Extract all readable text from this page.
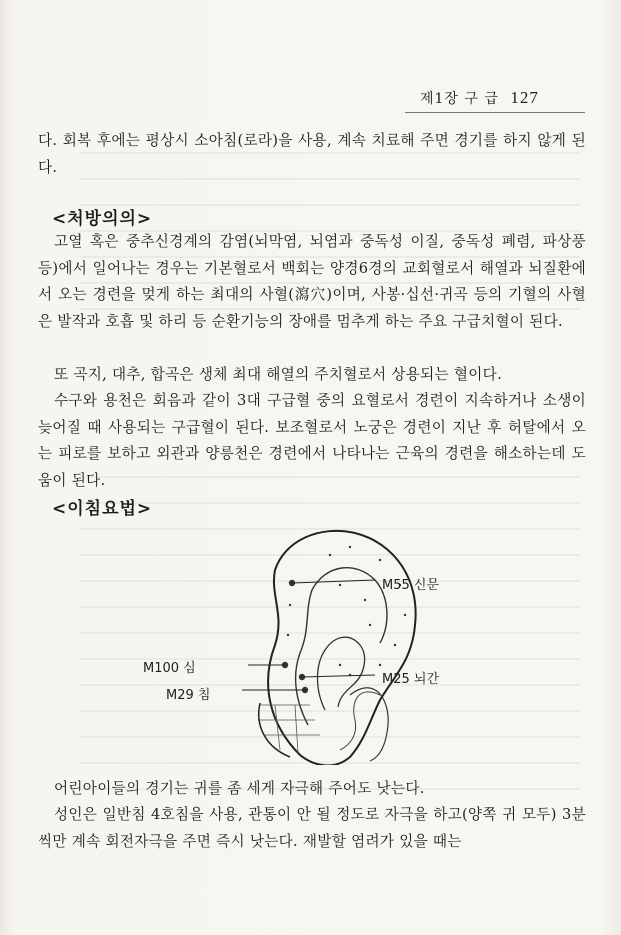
제1장 구 급 127
다. 회복 후에는 평상시 소아침(로라)을 사용, 계속 치료해 주면 경기를 하지 않게 된다.
<처방의의>
고열 혹은 중추신경계의 감염(뇌막염, 뇌염과 중독성 이질, 중독성 폐렴, 파상풍 등)에서 일어나는 경우는 기본혈로서 백회는 양경6경의 교회혈로서 해열과 뇌질환에서 오는 경련을 멎게 하는 최대의 사혈(瀉穴)이며, 사봉·십선·귀곡 등의 기혈의 사혈은 발작과 호흡 및 하리 등 순환기능의 장애를 멈추게 하는 주요 구급치혈이 된다.
또 곡지, 대추, 합곡은 생체 최대 해열의 주치혈로서 상용되는 혈이다.
수구와 용천은 회음과 같이 3대 구급혈 중의 요혈로서 경련이 지속하거나 소생이 늦어질 때 사용되는 구급혈이 된다. 보조혈로서 노궁은 경련이 지난 후 허탈에서 오는 피로를 보하고 외관과 양릉천은 경련에서 나타나는 근육의 경련을 해소하는데 도움이 된다.
<이침요법>
M55 신문
M100 심
M25 뇌간
M29 침
어린아이들의 경기는 귀를 좀 세게 자극해 주어도 낫는다.
성인은 일반침 4호침을 사용, 관통이 안 될 정도로 자극을 하고(양쪽 귀 모두) 3분씩만 계속 회전자극을 주면 즉시 낫는다. 재발할 염려가 있을 때는
